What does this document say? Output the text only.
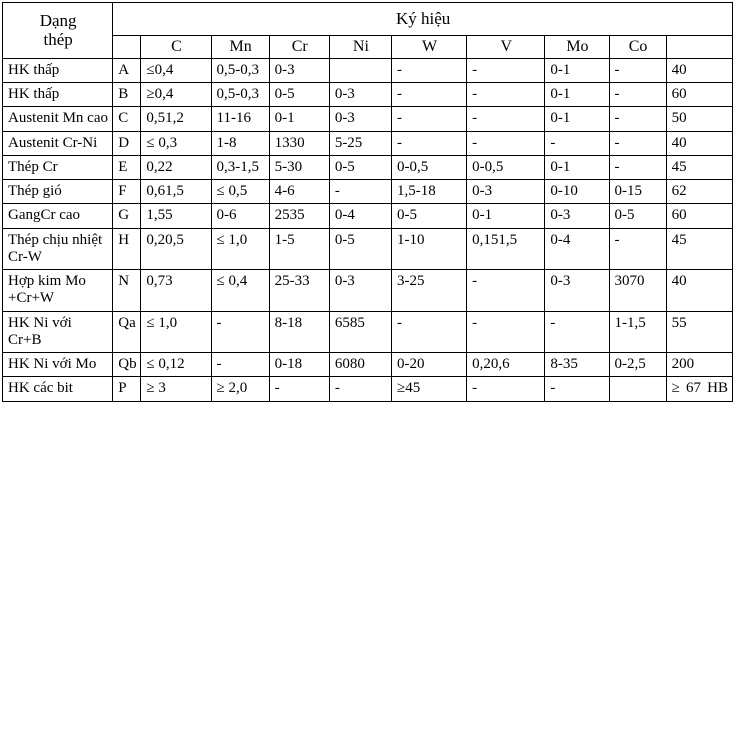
Dạng
thép	Ký hiệu									
		C	Mn	Cr	Ni	W	V	Mo	Co	
HK thấp	A	≤0,4	0,5-0,3	0-3		-	-	0-1	-	40
HK thấp	B	≥0,4	0,5-0,3	0-5	0-3	-	-	0-1	-	60
Austenit Mn cao	C	0,51,2	11-16	0-1	0-3	-	-	0-1	-	50
Austenit Cr-Ni	D	≤ 0,3	1-8	1330	5-25	-	-	-	-	40
Thép Cr	E	0,22	0,3-1,5	5-30	0-5	0-0,5	0-0,5	0-1	-	45
Thép gió	F	0,61,5	≤ 0,5	4-6	-	1,5-18	0-3	0-10	0-15	62
GangCr cao	G	1,55	0-6	2535	0-4	0-5	0-1	0-3	0-5	60
Thép chịu nhiệt Cr-W	H	0,20,5	≤ 1,0	1-5	0-5	1-10	0,151,5	0-4	-	45
Hợp kim Mo +Cr+W	N	0,73	≤ 0,4	25-33	0-3	3-25	-	0-3	3070	40
HK Ni với Cr+B	Qa	≤ 1,0	-	8-18	6585	-	-	-	1-1,5	55
HK Ni với Mo	Qb	≤ 0,12	-	0-18	6080	0-20	0,20,6	8-35	0-2,5	200
HK các bit	P	≥ 3	≥ 2,0	-	-	≥45	-	-		≥ 67 HB
